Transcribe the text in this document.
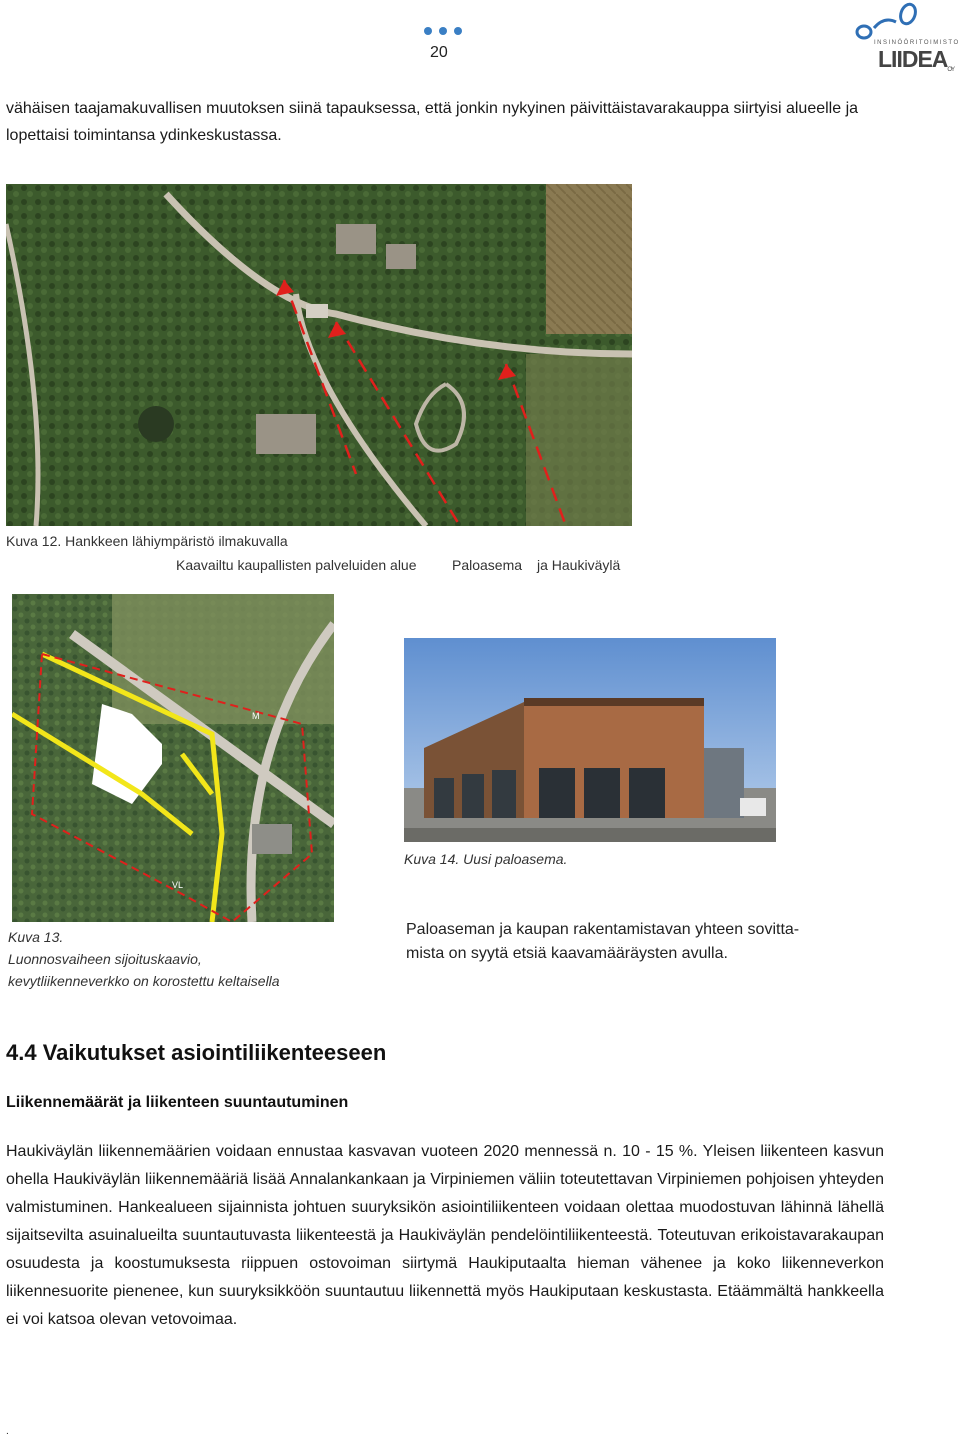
20
INSINÖÖRITOIMISTO
LIIDEAOY
vähäisen taajamakuvallisen muutoksen siinä tapauksessa, että jonkin nykyinen päivittäistavarakauppa siirtyisi alueelle ja lopettaisi toimintansa ydinkeskustassa.
Kuva 12. Hankkeen lähiympäristö ilmakuvalla
Kaavailtu kaupallisten palveluiden alue	Paloasema ja Haukiväylä
M
VL
Kuva 13.
Luonnosvaiheen sijoituskaavio,
kevytliikenneverkko on korostettu keltaisella
Kuva 14. Uusi paloasema.
Paloaseman ja kaupan rakentamistavan yhteen sovitta-
mista on syytä etsiä kaavamääräysten avulla.
4.4 Vaikutukset asiointiliikenteeseen
Liikennemäärät ja liikenteen suuntautuminen
Haukiväylän liikennemäärien voidaan ennustaa kasvavan vuoteen 2020 mennessä n. 10 - 15 %. Yleisen liikenteen kasvun ohella Haukiväylän liikennemääriä lisää Annalankankaan ja Virpiniemen väliin toteutettavan Virpiniemen pohjoisen yhteyden valmistuminen. Hankealueen sijainnista johtuen suuryksikön asiointiliikenteen voidaan olettaa muodostuvan lähinnä lähellä sijaitsevilta asuinalueilta suuntautuvasta liikenteestä ja Haukiväylän pendelöintiliikenteestä. Toteutuvan erikoistavarakaupan osuudesta ja koostumuksesta riippuen ostovoiman siirtymä Haukiputaalta hieman vähenee ja koko liikenneverkon liikennesuorite pienenee, kun suuryksikköön suuntautuu liikennettä myös Haukiputaan keskustasta. Etäämmältä hankkeella ei voi katsoa olevan vetovoimaa.
.
